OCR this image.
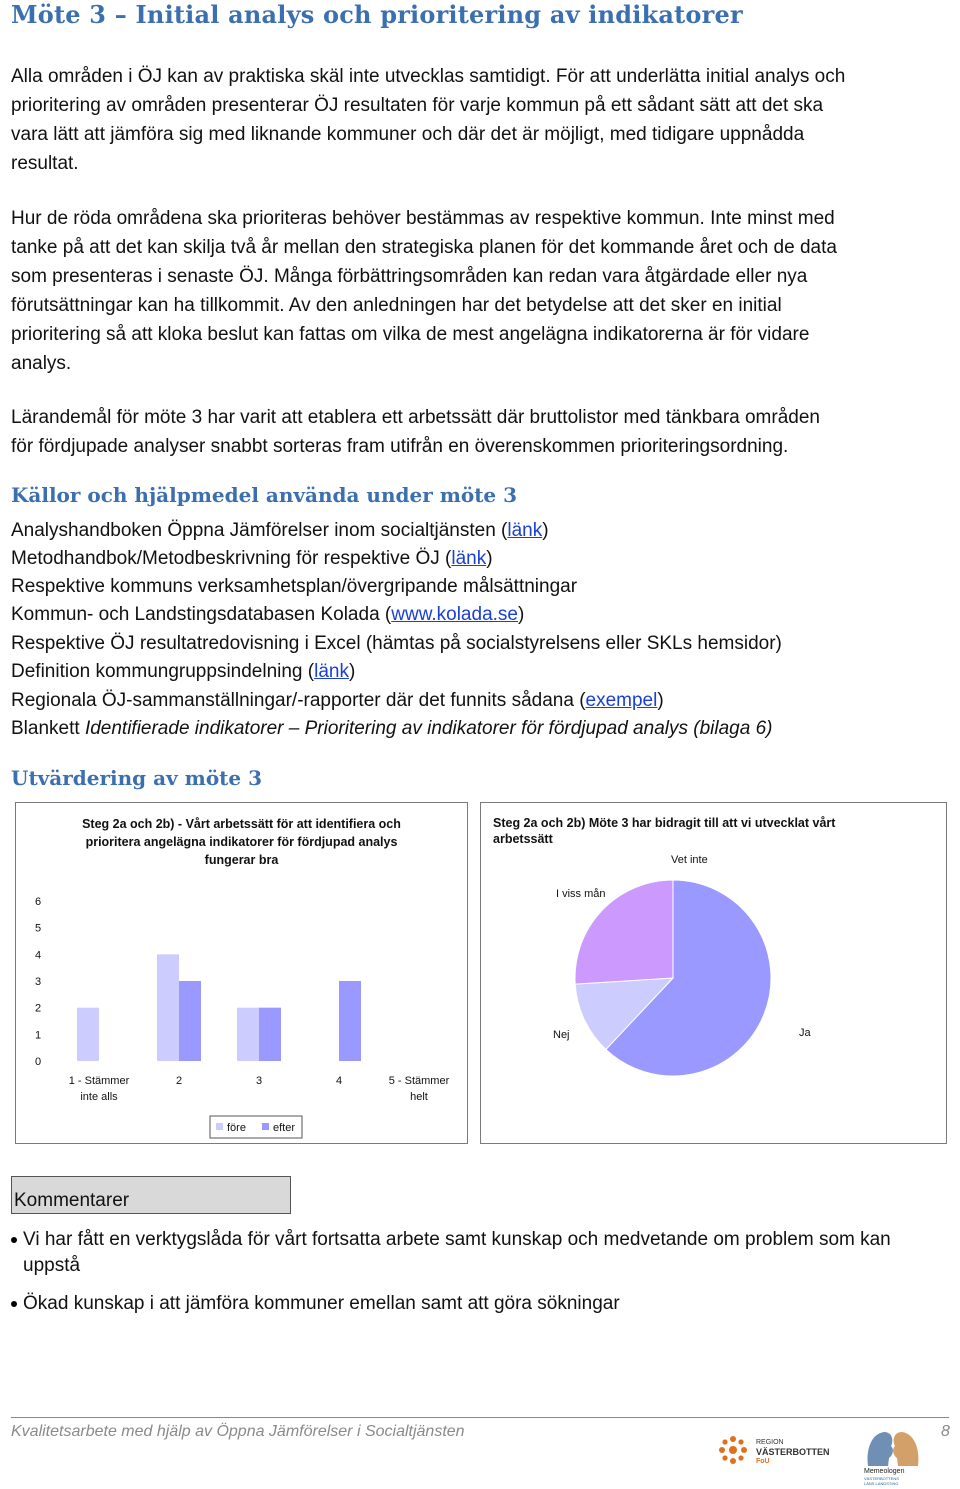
Möte 3 – Initial analys och prioritering av indikatorer
Alla områden i ÖJ kan av praktiska skäl inte utvecklas samtidigt. För att underlätta initial analys och
prioritering av områden presenterar ÖJ resultaten för varje kommun på ett sådant sätt att det ska
vara lätt att jämföra sig med liknande kommuner och där det är möjligt, med tidigare uppnådda
resultat.
Hur de röda områdena ska prioriteras behöver bestämmas av respektive kommun. Inte minst med
tanke på att det kan skilja två år mellan den strategiska planen för det kommande året och de data
som presenteras i senaste ÖJ. Många förbättringsområden kan redan vara åtgärdade eller nya
förutsättningar kan ha tillkommit. Av den anledningen har det betydelse att det sker en initial
prioritering så att kloka beslut kan fattas om vilka de mest angelägna indikatorerna är för vidare
analys.
Lärandemål för möte 3 har varit att etablera ett arbetssätt där bruttolistor med tänkbara områden
för fördjupade analyser snabbt sorteras fram utifrån en överenskommen prioriteringsordning.
Källor och hjälpmedel använda under möte 3
Analyshandboken Öppna Jämförelser inom socialtjänsten (länk)
Metodhandbok/Metodbeskrivning för respektive ÖJ (länk)
Respektive kommuns verksamhetsplan/övergripande målsättningar
Kommun- och Landstingsdatabasen Kolada (www.kolada.se)
Respektive ÖJ resultatredovisning i Excel (hämtas på socialstyrelsens eller SKLs hemsidor)
Definition kommungruppsindelning (länk)
Regionala ÖJ-sammanställningar/-rapporter där det funnits sådana (exempel)
Blankett Identifierade indikatorer – Prioritering av indikatorer för fördjupad analys (bilaga 6)
Utvärdering av möte 3
Steg 2a och 2b) - Vårt arbetssätt för att identifiera och
prioritera angelägna indikatorer för fördjupad analys
fungerar bra
0
1
2
3
4
5
6
1 - Stämmer inte alls
2	3	4	5 - Stämmer helt
före efter
Steg 2a och 2b) Möte 3 har bidragit till att vi utvecklat vårt
arbetssätt
Ja
Nej
I viss mån
Vet inte
Kommentarer
Vi har fått en verktygslåda för vårt fortsatta arbete samt kunskap och medvetande om problem som kan
uppstå
Ökad kunskap i att jämföra kommuner emellan samt att göra sökningar
Kvalitetsarbete med hjälp av Öppna Jämförelser i Socialtjänsten	8
REGION
VÄSTERBOTTEN
FoU
Memeologen
VÄSTERBOTTENS
LÄNS LANDSTING
